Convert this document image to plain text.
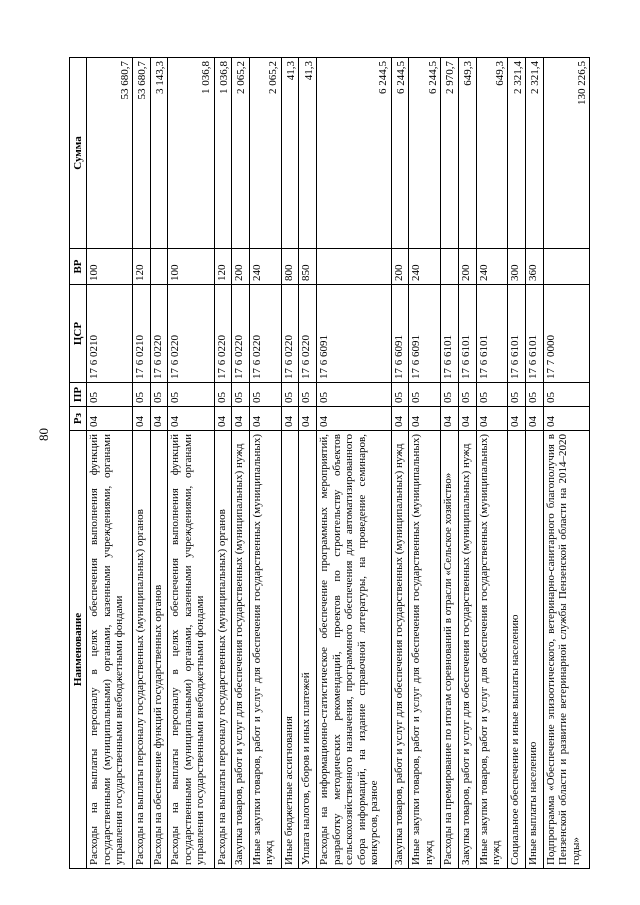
80
Наименование	Рз	ПР	ЦСР	ВР	Сумма
Расходы на выплаты персоналу в целях обеспечения выполнения функций государственными (муниципальными) органами, казенными учреждениями, органами управления государственными внебюджетными фондами	04	05	17 6 0210	100	53 680,7
Расходы на выплаты персоналу государственных (муниципальных) органов	04	05	17 6 0210	120	53 680,7
Расходы на обеспечение функций государственных органов	04	05	17 6 0220		3 143,3
Расходы на выплаты персоналу в целях обеспечения выполнения функций государственными (муниципальными) органами, казенными учреждениями, органами управления государственными внебюджетными фондами	04	05	17 6 0220	100	1 036,8
Расходы на выплаты персоналу государственных (муниципальных) органов	04	05	17 6 0220	120	1 036,8
Закупка товаров, работ и услуг для обеспечения государственных (муниципальных) нужд	04	05	17 6 0220	200	2 065,2
Иные закупки товаров, работ и услуг для обеспечения государственных (муниципальных) нужд	04	05	17 6 0220	240	2 065,2
Иные бюджетные ассигнования	04	05	17 6 0220	800	41,3
Уплата налогов, сборов и иных платежей	04	05	17 6 0220	850	41,3
Расходы на информационно-статистическое обеспечение программных мероприятий, разработку методических рекомендаций, проектов по строительству объектов сельскохозяйственного назначения, программного обеспечения для автоматизированного сбора информаций, на издание справочной литературы, на проведение семинаров, конкурсов, разное	04	05	17 6 6091		6 244,5
Закупка товаров, работ и услуг для обеспечения государственных (муниципальных) нужд	04	05	17 6 6091	200	6 244,5
Иные закупки товаров, работ и услуг для обеспечения государственных (муниципальных) нужд	04	05	17 6 6091	240	6 244,5
Расходы на премирование по итогам соревнований в отрасли «Сельское хозяйство»	04	05	17 6 6101		2 970,7
Закупка товаров, работ и услуг для обеспечения государственных (муниципальных) нужд	04	05	17 6 6101	200	649,3
Иные закупки товаров, работ и услуг для обеспечения государственных (муниципальных) нужд	04	05	17 6 6101	240	649,3
Социальное обеспечение и иные выплаты населению	04	05	17 6 6101	300	2 321,4
Иные выплаты населению	04	05	17 6 6101	360	2 321,4
Подпрограмма «Обеспечение эпизоотического, ветеринарно-санитарного благополучия в Пензенской области и развитие ветеринарной службы Пензенской области на 2014–2020 годы»	04	05	17 7 0000		130 226,5
